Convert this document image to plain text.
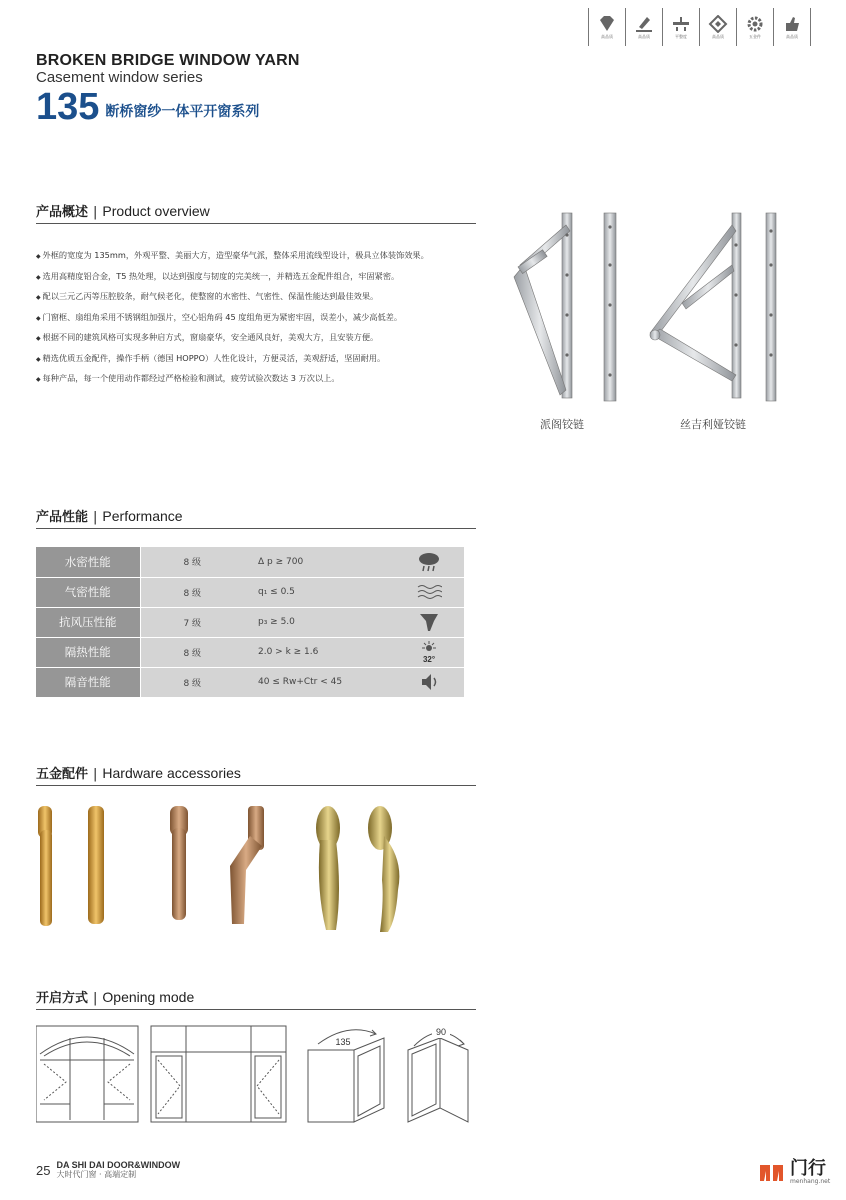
高品质	高品质	平整度	高品质	五金件	高品质
BROKEN BRIDGE WINDOW YARN
Casement window series
135 断桥窗纱一体平开窗系列
产品概述 | Product overview
◆ 外框的宽度为 135mm，外观平整、美丽大方，造型豪华气派，整体采用流线型设计，极具立体装饰效果。
◆ 选用高精度铝合金，T5 热处理，以达到强度与韧度的完美统一，并精选五金配件组合，牢固紧密。
◆ 配以三元乙丙等压腔胶条，耐气候老化，使整窗的水密性、气密性、保温性能达到最佳效果。
◆ 门窗框、扇组角采用不锈钢组加强片，空心铝角码 45 度组角更为紧密牢固，误差小，减少高低差。
◆ 根据不同的建筑风格可实现多种启方式，窗扇豪华，安全通风良好，美观大方，且安装方便。
◆ 精选优质五金配件，操作手柄（德国 HOPPO）人性化设计，方便灵活，美观舒适，坚固耐用。
◆ 每种产品，每一个使用动作都经过严格检验和测试，疲劳试验次数达 3 万次以上。
派阁铰链	丝吉利娅铰链
产品性能 | Performance
水密性能	8 级	Δ p ≥ 700	
气密性能	8 级	q₁ ≤ 0.5	
抗风压性能	7 级	p₃ ≥ 5.0	
隔热性能	8 级	2.0 > k ≥ 1.6	32°

隔音性能	8 级	40 ≤ Rw+Ctr < 45	
五金配件 | Hardware accessories
开启方式 | Opening mode
135
90
25 DA SHI DAI DOOR&WINDOW
大时代门窗 · 高端定制	门行
menhang.net
